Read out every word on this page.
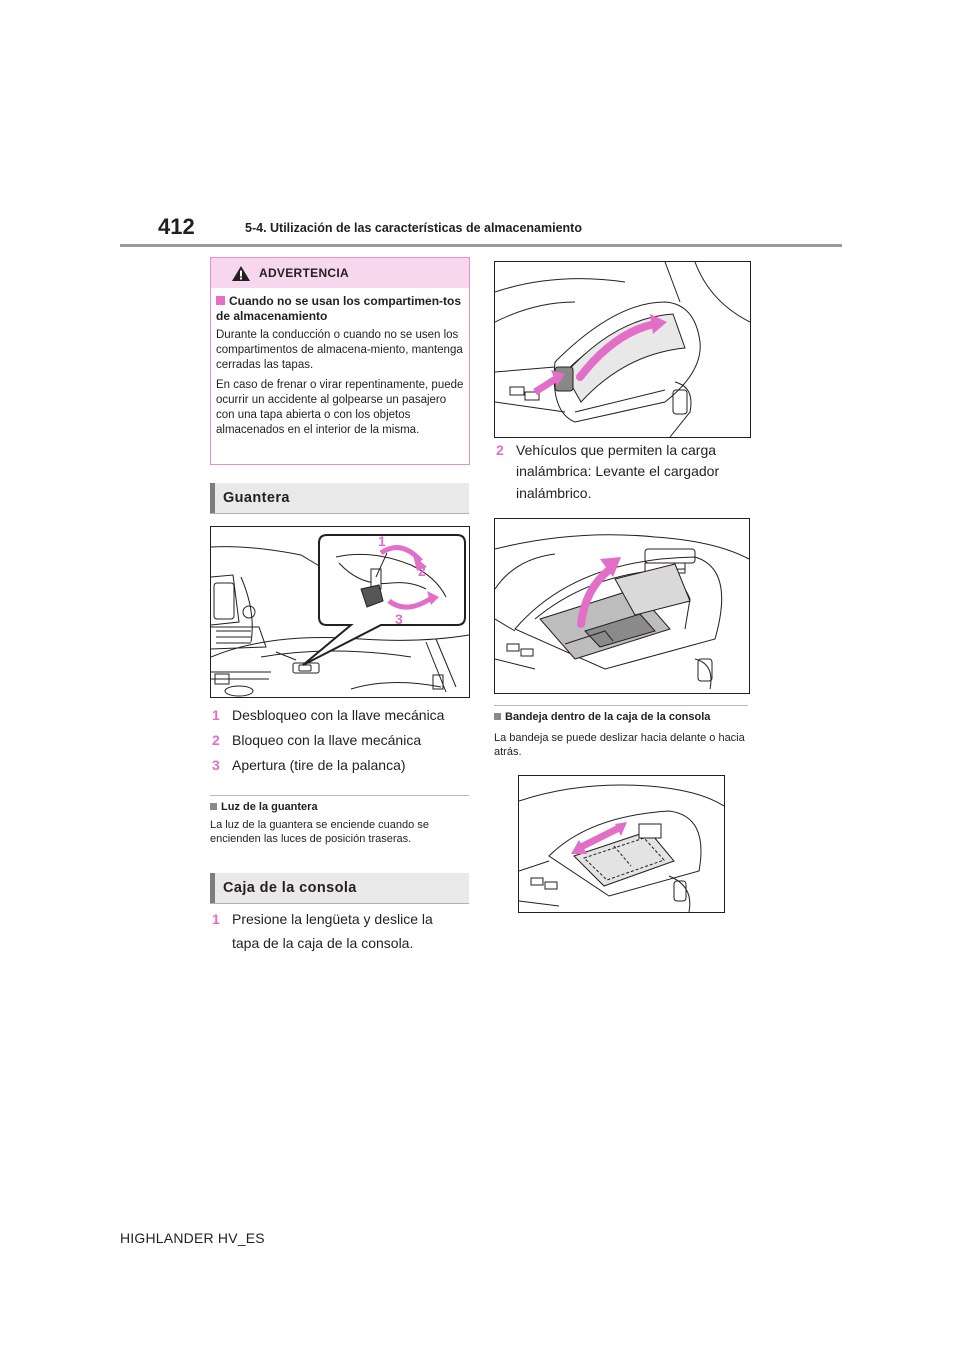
412	5-4. Utilización de las características de almacenamiento
ADVERTENCIA
Cuando no se usan los compartimen-tos de almacenamiento
Durante la conducción o cuando no se usen los compartimentos de almacena-miento, mantenga cerradas las tapas.
En caso de frenar o virar repentinamente, puede ocurrir un accidente al golpearse un pasajero con una tapa abierta o con los objetos almacenados en el interior de la misma.
Guantera
1
2
3
1 Desbloqueo con la llave mecánica
2 Bloqueo con la llave mecánica
3 Apertura (tire de la palanca)
Luz de la guantera
La luz de la guantera se enciende cuando se encienden las luces de posición traseras.
Caja de la consola
1 Presione la lengüeta y deslice la
tapa de la caja de la consola.
2 Vehículos que permiten la carga
inalámbrica: Levante el cargador
inalámbrico.
Bandeja dentro de la caja de la consola
La bandeja se puede deslizar hacia delante o hacia atrás.
HIGHLANDER HV_ES
